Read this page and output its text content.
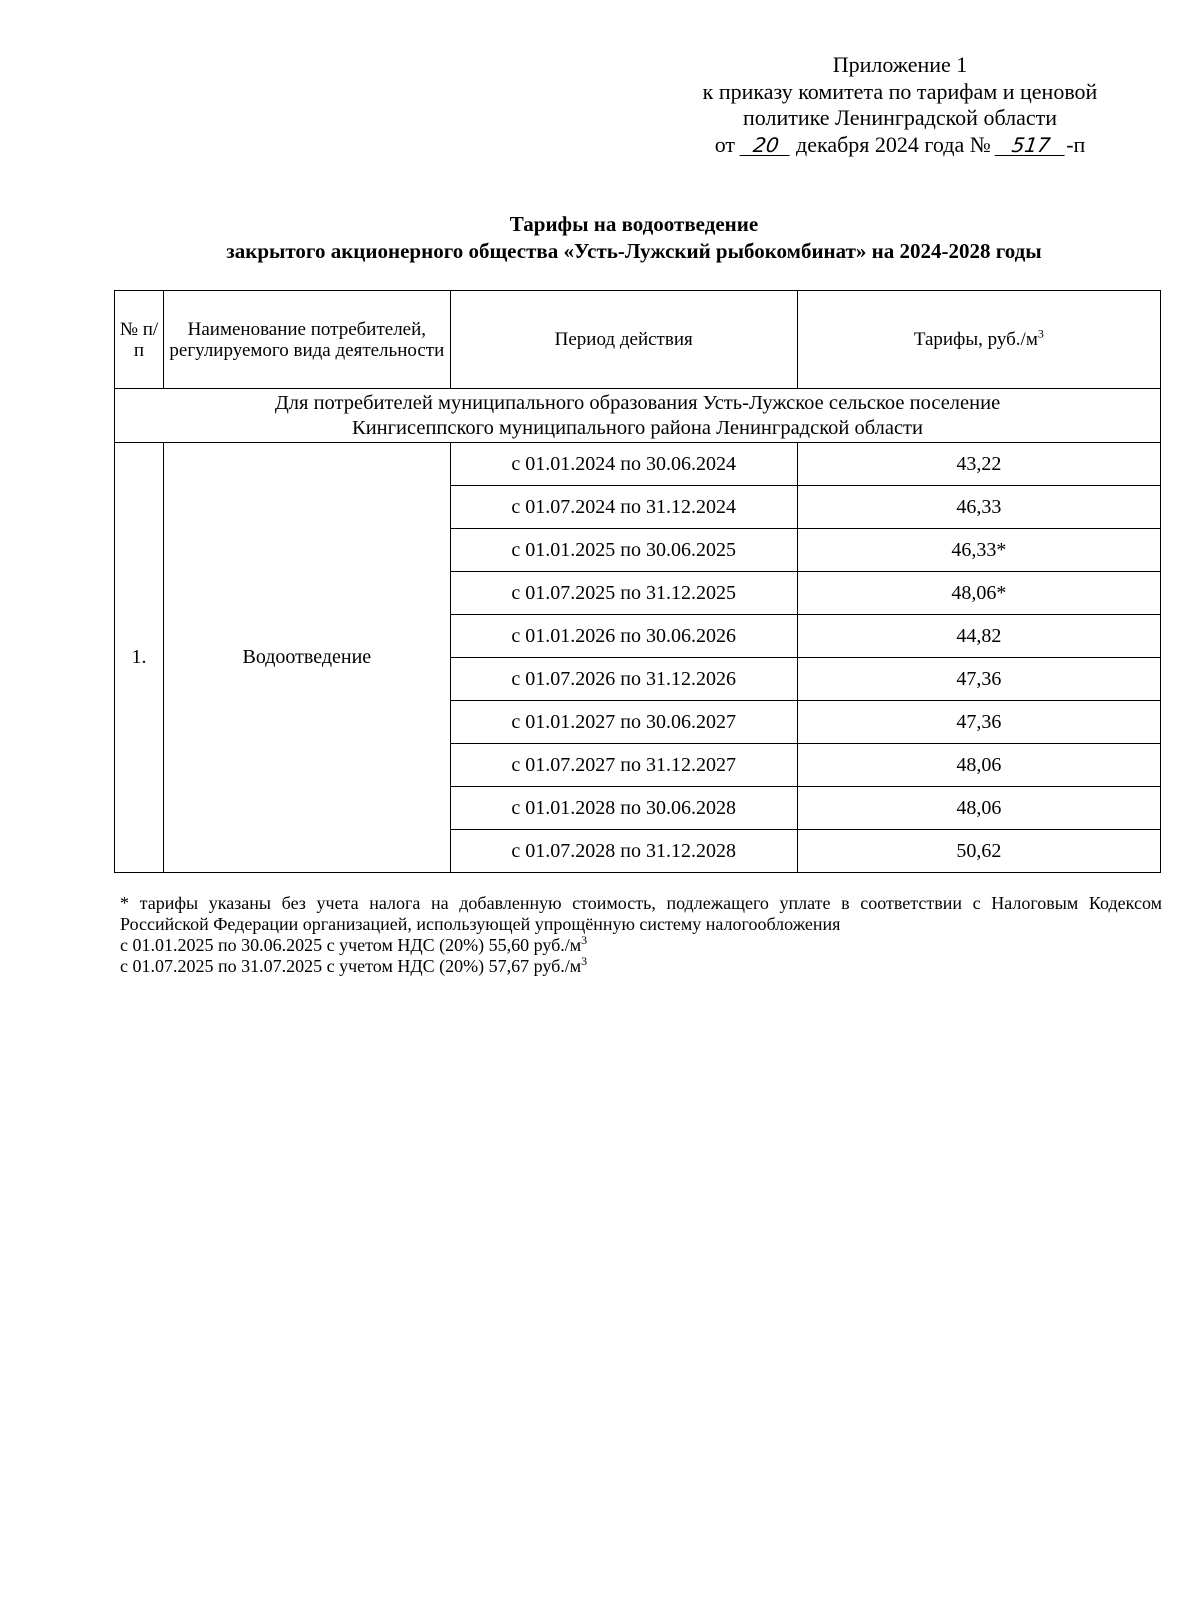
Приложение 1
к приказу комитета по тарифам и ценовой
политике Ленинградской области
от 20 декабря 2024 года № 517 -п
Тарифы на водоотведение
закрытого акционерного общества «Усть-Лужский рыбокомбинат» на 2024-2028 годы
№ п/п	Наименование потребителей, регулируемого вида деятельности	Период действия	Тарифы, $руб./м^3$

Для потребителей муниципального образования Усть-Лужское сельское поселение
Кингисеппского муниципального района Ленинградской области			

1.	Водоотведение	с 01.01.2024 по 30.06.2024	43,22
		с 01.07.2024 по 31.12.2024	46,33
		с 01.01.2025 по 30.06.2025	46,33*
		с 01.07.2025 по 31.12.2025	48,06*
		с 01.01.2026 по 30.06.2026	44,82
		с 01.07.2026 по 31.12.2026	47,36
		с 01.01.2027 по 30.06.2027	47,36
		с 01.07.2027 по 31.12.2027	48,06
		с 01.01.2028 по 30.06.2028	48,06
		с 01.07.2028 по 31.12.2028	50,62
* тарифы указаны без учета налога на добавленную стоимость, подлежащего уплате в соответствии с Налоговым Кодексом Российской Федерации организацией, использующей упрощённую систему налогообложения
с 01.01.2025 по 30.06.2025 с учетом НДС (20%) 55,60 $руб./м^3$
с 01.07.2025 по 31.07.2025 с учетом НДС (20%) 57,67 $руб./м^3$
